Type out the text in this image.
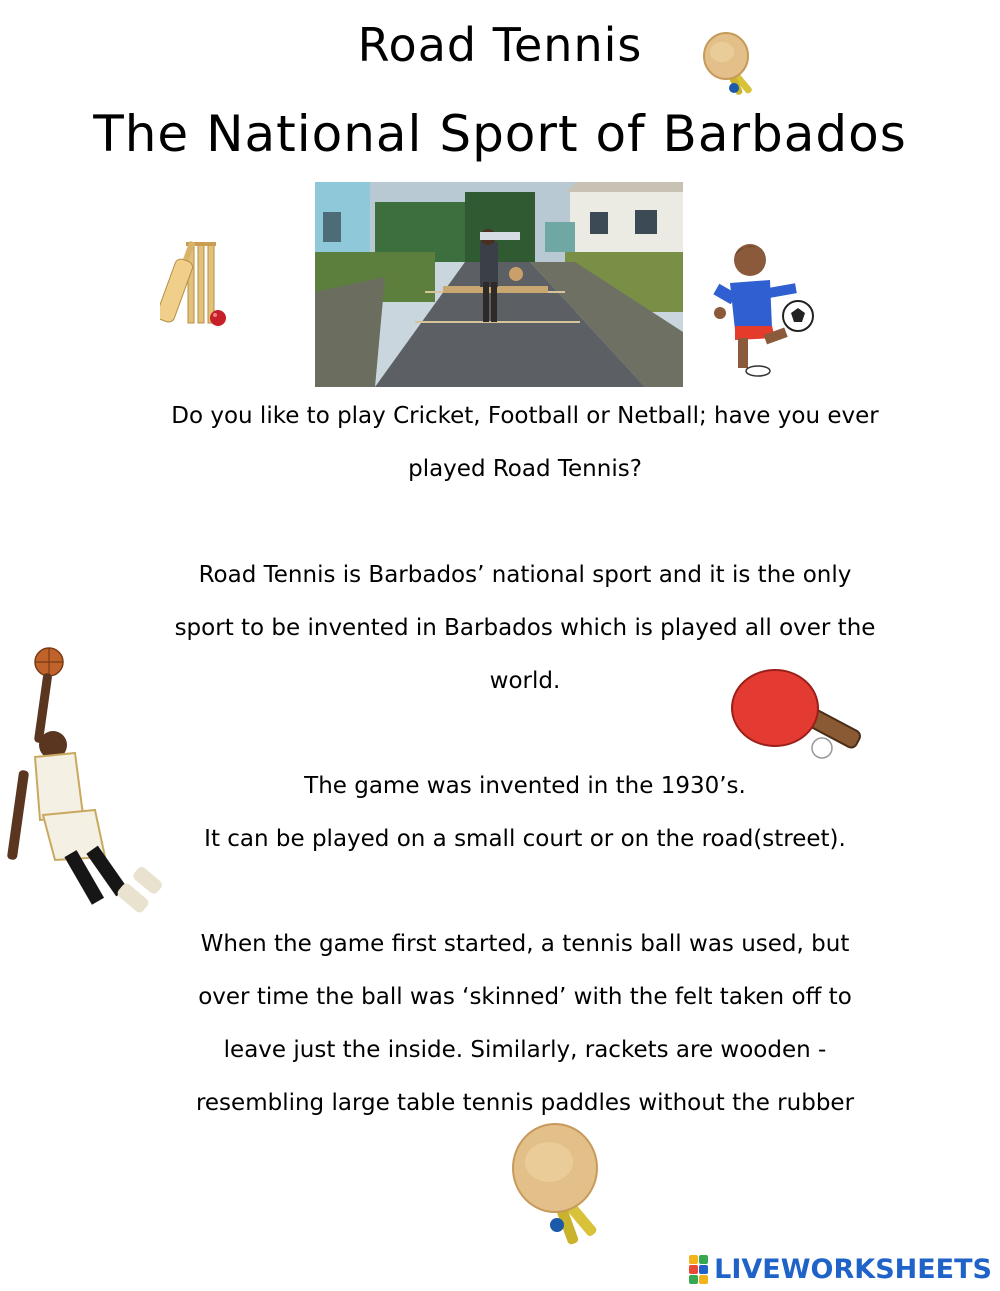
Road Tennis
The National Sport of Barbados
Do you like to play Cricket, Football or Netball; have you ever
played Road Tennis?
Road Tennis is Barbados’ national sport and it is the only
sport to be invented in Barbados which is played all over the
world.
The game was invented in the 1930’s.
It can be played on a small court or on the road(street).
When the game first started, a tennis ball was used, but
over time the ball was ‘skinned’ with the felt taken off to
leave just the inside. Similarly, rackets are wooden -
resembling large table tennis paddles without the rubber
LIVEWORKSHEETS
